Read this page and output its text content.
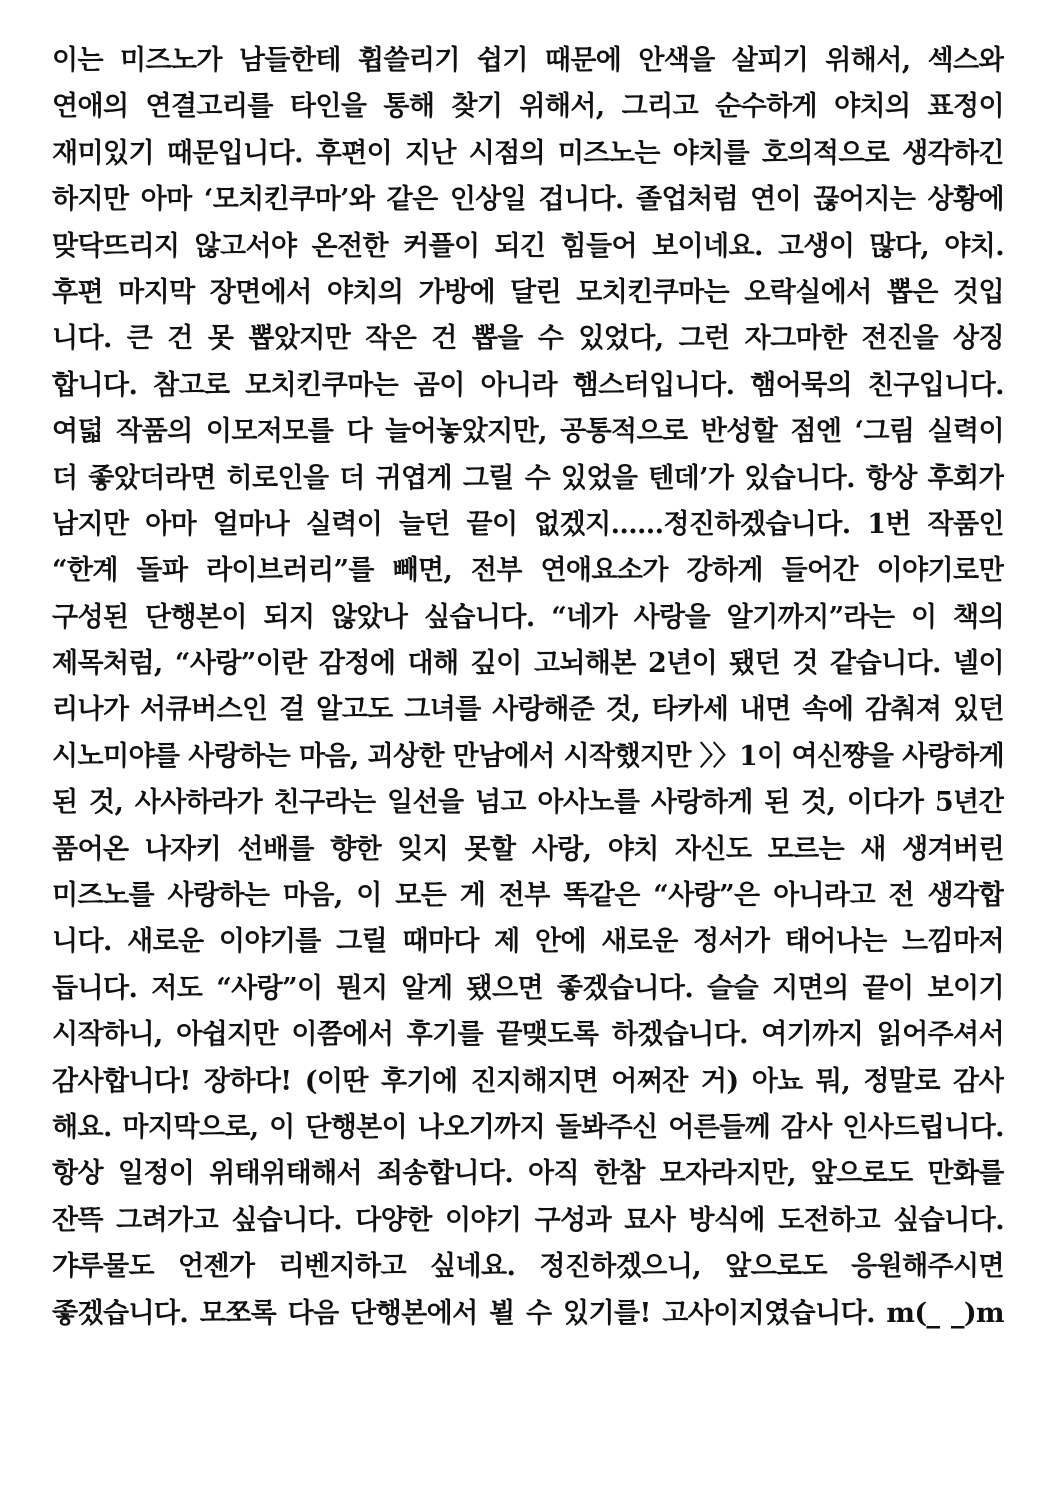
이는 미즈노가 남들한테 휩쓸리기 쉽기 때문에 안색을 살피기 위해서, 섹스와
연애의 연결고리를 타인을 통해 찾기 위해서, 그리고 순수하게 야치의 표정이
재미있기 때문입니다. 후편이 지난 시점의 미즈노는 야치를 호의적으로 생각하긴
하지만 아마 ‘모치킨쿠마’와 같은 인상일 겁니다. 졸업처럼 연이 끊어지는 상황에
맞닥뜨리지 않고서야 온전한 커플이 되긴 힘들어 보이네요. 고생이 많다, 야치.
후편 마지막 장면에서 야치의 가방에 달린 모치킨쿠마는 오락실에서 뽑은 것입
니다. 큰 건 못 뽑았지만 작은 건 뽑을 수 있었다, 그런 자그마한 전진을 상징
합니다. 참고로 모치킨쿠마는 곰이 아니라 햄스터입니다. 햄어묵의 친구입니다.
여덟 작품의 이모저모를 다 늘어놓았지만, 공통적으로 반성할 점엔 ‘그림 실력이
더 좋았더라면 히로인을 더 귀엽게 그릴 수 있었을 텐데’가 있습니다. 항상 후회가
남지만 아마 얼마나 실력이 늘던 끝이 없겠지……정진하겠습니다. 1번 작품인
“한계 돌파 라이브러리”를 빼면, 전부 연애요소가 강하게 들어간 이야기로만
구성된 단행본이 되지 않았나 싶습니다. “네가 사랑을 알기까지”라는 이 책의
제목처럼, “사랑”이란 감정에 대해 깊이 고뇌해본 2년이 됐던 것 같습니다. 넬이
리나가 서큐버스인 걸 알고도 그녀를 사랑해준 것, 타카세 내면 속에 감춰져 있던
시노미야를 사랑하는 마음, 괴상한 만남에서 시작했지만 〉〉1이 여신쨩을 사랑하게
된 것, 사사하라가 친구라는 일선을 넘고 아사노를 사랑하게 된 것, 이다가 5년간
품어온 나자키 선배를 향한 잊지 못할 사랑, 야치 자신도 모르는 새 생겨버린
미즈노를 사랑하는 마음, 이 모든 게 전부 똑같은 “사랑”은 아니라고 전 생각합
니다. 새로운 이야기를 그릴 때마다 제 안에 새로운 정서가 태어나는 느낌마저
듭니다. 저도 “사랑”이 뭔지 알게 됐으면 좋겠습니다. 슬슬 지면의 끝이 보이기
시작하니, 아쉽지만 이쯤에서 후기를 끝맺도록 하겠습니다. 여기까지 읽어주셔서
감사합니다! 장하다! (이딴 후기에 진지해지면 어쩌잔 거) 아뇨 뭐, 정말로 감사
해요. 마지막으로, 이 단행본이 나오기까지 돌봐주신 어른들께 감사 인사드립니다.
항상 일정이 위태위태해서 죄송합니다. 아직 한참 모자라지만, 앞으로도 만화를
잔뜩 그려가고 싶습니다. 다양한 이야기 구성과 묘사 방식에 도전하고 싶습니다.
갸루물도 언젠가 리벤지하고 싶네요. 정진하겠으니, 앞으로도 응원해주시면
좋겠습니다. 모쪼록 다음 단행본에서 뵐 수 있기를! 고사이지였습니다. m(_ _)m
